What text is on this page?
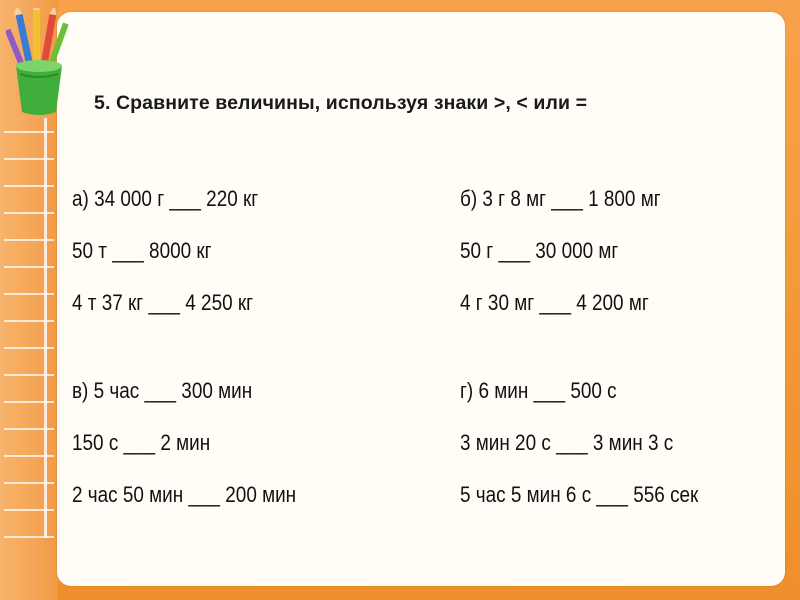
5. Сравните величины, используя знаки >, < или =
а) 34 000 г ___ 220 кг
50 т ___ 8000 кг
4 т 37 кг ___ 4 250 кг
б) 3 г 8 мг ___ 1 800 мг
50 г ___ 30 000 мг
4 г 30 мг ___ 4 200 мг
в) 5 час ___ 300 мин
150 с ___ 2 мин
2 час 50 мин ___ 200 мин
г) 6 мин ___ 500 с
3 мин 20 с ___ 3 мин 3 с
5 час 5 мин 6 с ___ 556 сек
